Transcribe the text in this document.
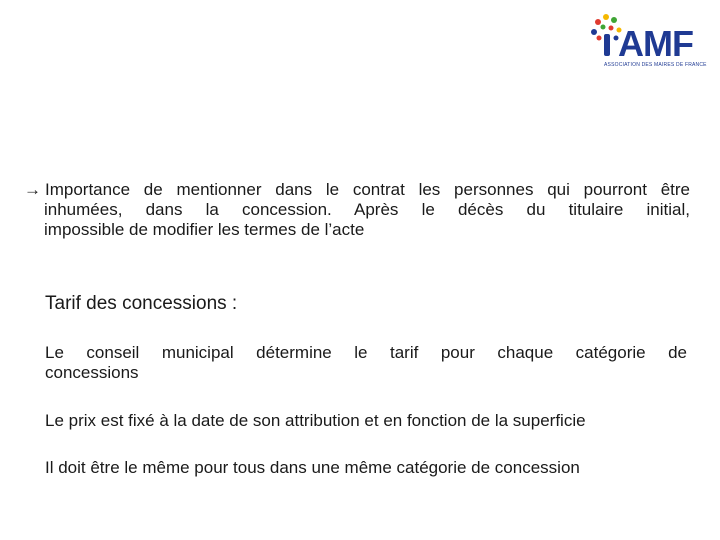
AMF
ASSOCIATION DES MAIRES DE FRANCE
→ Importance de mentionner dans le contrat les personnes qui pourront être
inhumées, dans la concession. Après le décès du titulaire initial,
impossible de modifier les termes de l’acte
Tarif des concessions :
Le conseil municipal détermine le tarif pour chaque catégorie de
concessions
Le prix est fixé à la date de son attribution et en fonction de la superficie
Il doit être le même pour tous dans une même catégorie de concession
